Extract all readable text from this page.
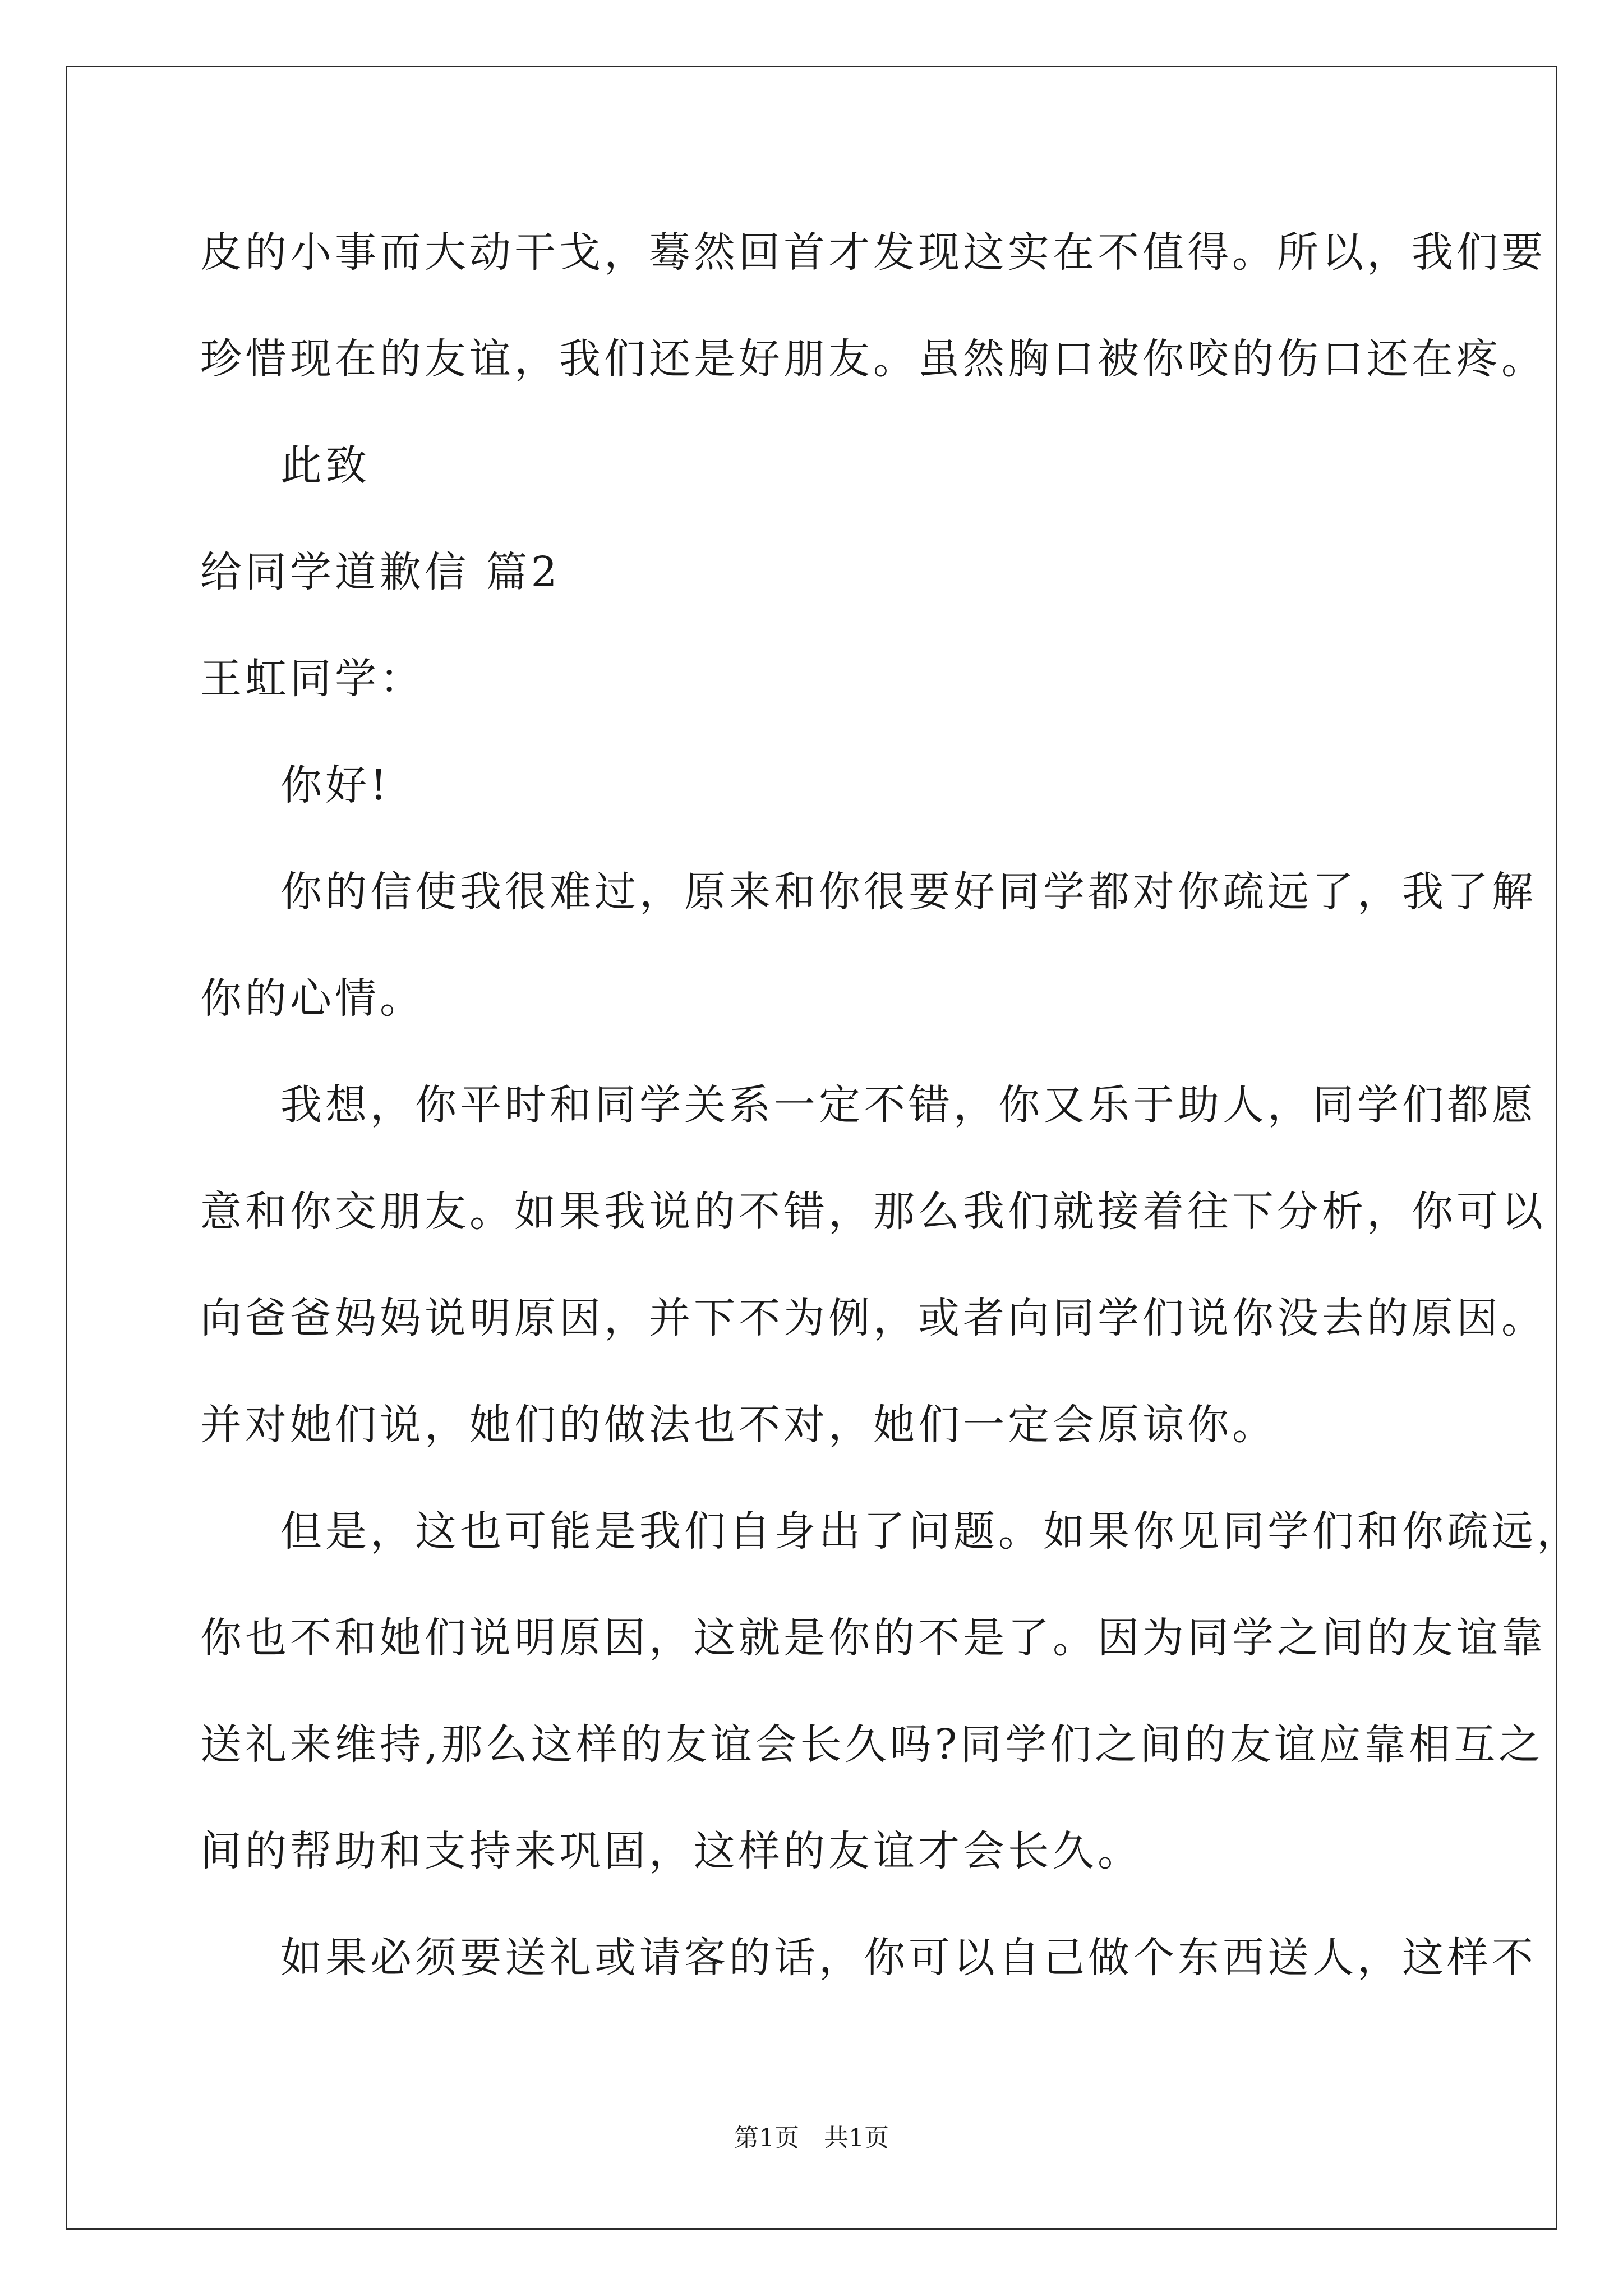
皮的小事而大动干戈，蓦然回首才发现这实在不值得。所以，我们要
珍惜现在的友谊，我们还是好朋友。虽然胸口被你咬的伤口还在疼。
此致
给同学道歉信 篇2
王虹同学：
你好!
你的信使我很难过，原来和你很要好同学都对你疏远了，我了解
你的心情。
我想，你平时和同学关系一定不错，你又乐于助人，同学们都愿
意和你交朋友。如果我说的不错，那么我们就接着往下分析，你可以
向爸爸妈妈说明原因，并下不为例，或者向同学们说你没去的原因。
并对她们说，她们的做法也不对，她们一定会原谅你。
但是，这也可能是我们自身出了问题。如果你见同学们和你疏远，
你也不和她们说明原因，这就是你的不是了。因为同学之间的友谊靠
送礼来维持,那么这样的友谊会长久吗?同学们之间的友谊应靠相互之
间的帮助和支持来巩固，这样的友谊才会长久。
如果必须要送礼或请客的话，你可以自己做个东西送人，这样不
第1页　共1页
